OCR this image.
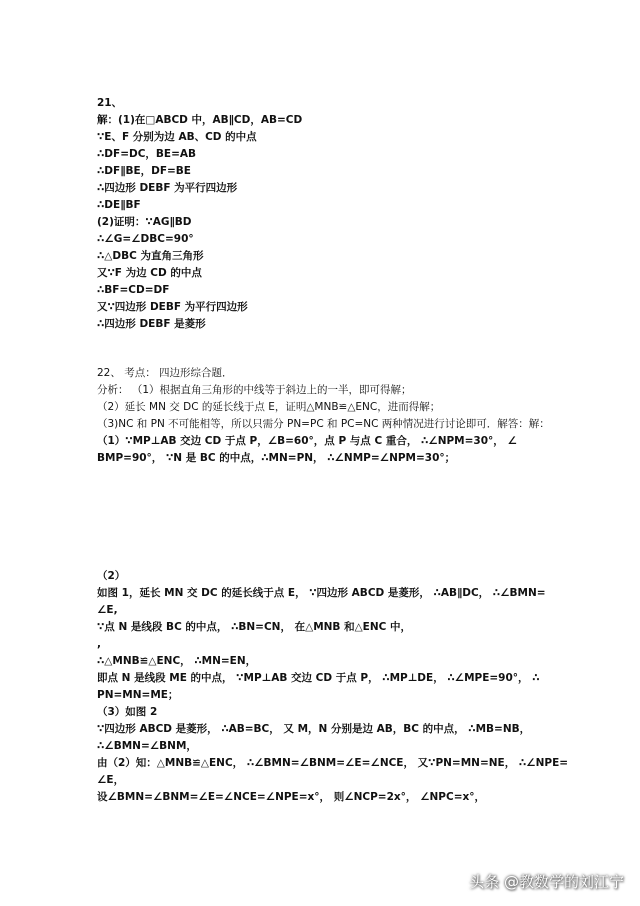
21、
解：(1)在□ABCD 中，AB∥CD，AB=CD
∵E、F 分别为边 AB、CD 的中点
∴DF=DC，BE=AB
∴DF∥BE，DF=BE
∴四边形 DEBF 为平行四边形
∴DE∥BF
(2)证明：∵AG∥BD
∴∠G=∠DBC=90°
∴△DBC 为直角三角形
又∵F 为边 CD 的中点
∴BF=CD=DF
又∵四边形 DEBF 为平行四边形
∴四边形 DEBF 是菱形
22、 考点： 四边形综合题．
分析： （1）根据直角三角形的中线等于斜边上的一半，即可得解；
（2）延长 MN 交 DC 的延长线于点 E，证明△MNB≌△ENC，进而得解；
（3)NC 和 PN 不可能相等，所以只需分 PN=PC 和 PC=NC 两种情况进行讨论即可．解答：解：
（1）∵MP⊥AB 交边 CD 于点 P，∠B=60°，点 P 与点 C 重合， ∴∠NPM=30°， ∠
BMP=90°， ∵N 是 BC 的中点，∴MN=PN， ∴∠NMP=∠NPM=30°；
（2）
如图 1，延长 MN 交 DC 的延长线于点 E， ∵四边形 ABCD 是菱形， ∴AB∥DC， ∴∠BMN=
∠E,
∵点 N 是线段 BC 的中点， ∴BN=CN， 在△MNB 和△ENC 中，
,
∴△MNB≌△ENC， ∴MN=EN，
即点 N 是线段 ME 的中点， ∵MP⊥AB 交边 CD 于点 P， ∴MP⊥DE， ∴∠MPE=90°， ∴
PN=MN=ME；
（3）如图 2
∵四边形 ABCD 是菱形， ∴AB=BC， 又 M，N 分别是边 AB，BC 的中点， ∴MB=NB，
∴∠BMN=∠BNM，
由（2）知：△MNB≌△ENC， ∴∠BMN=∠BNM=∠E=∠NCE， 又∵PN=MN=NE， ∴∠NPE=
∠E，
设∠BMN=∠BNM=∠E=∠NCE=∠NPE=x°， 则∠NCP=2x°， ∠NPC=x°，
头条 @教数学的刘江宁
